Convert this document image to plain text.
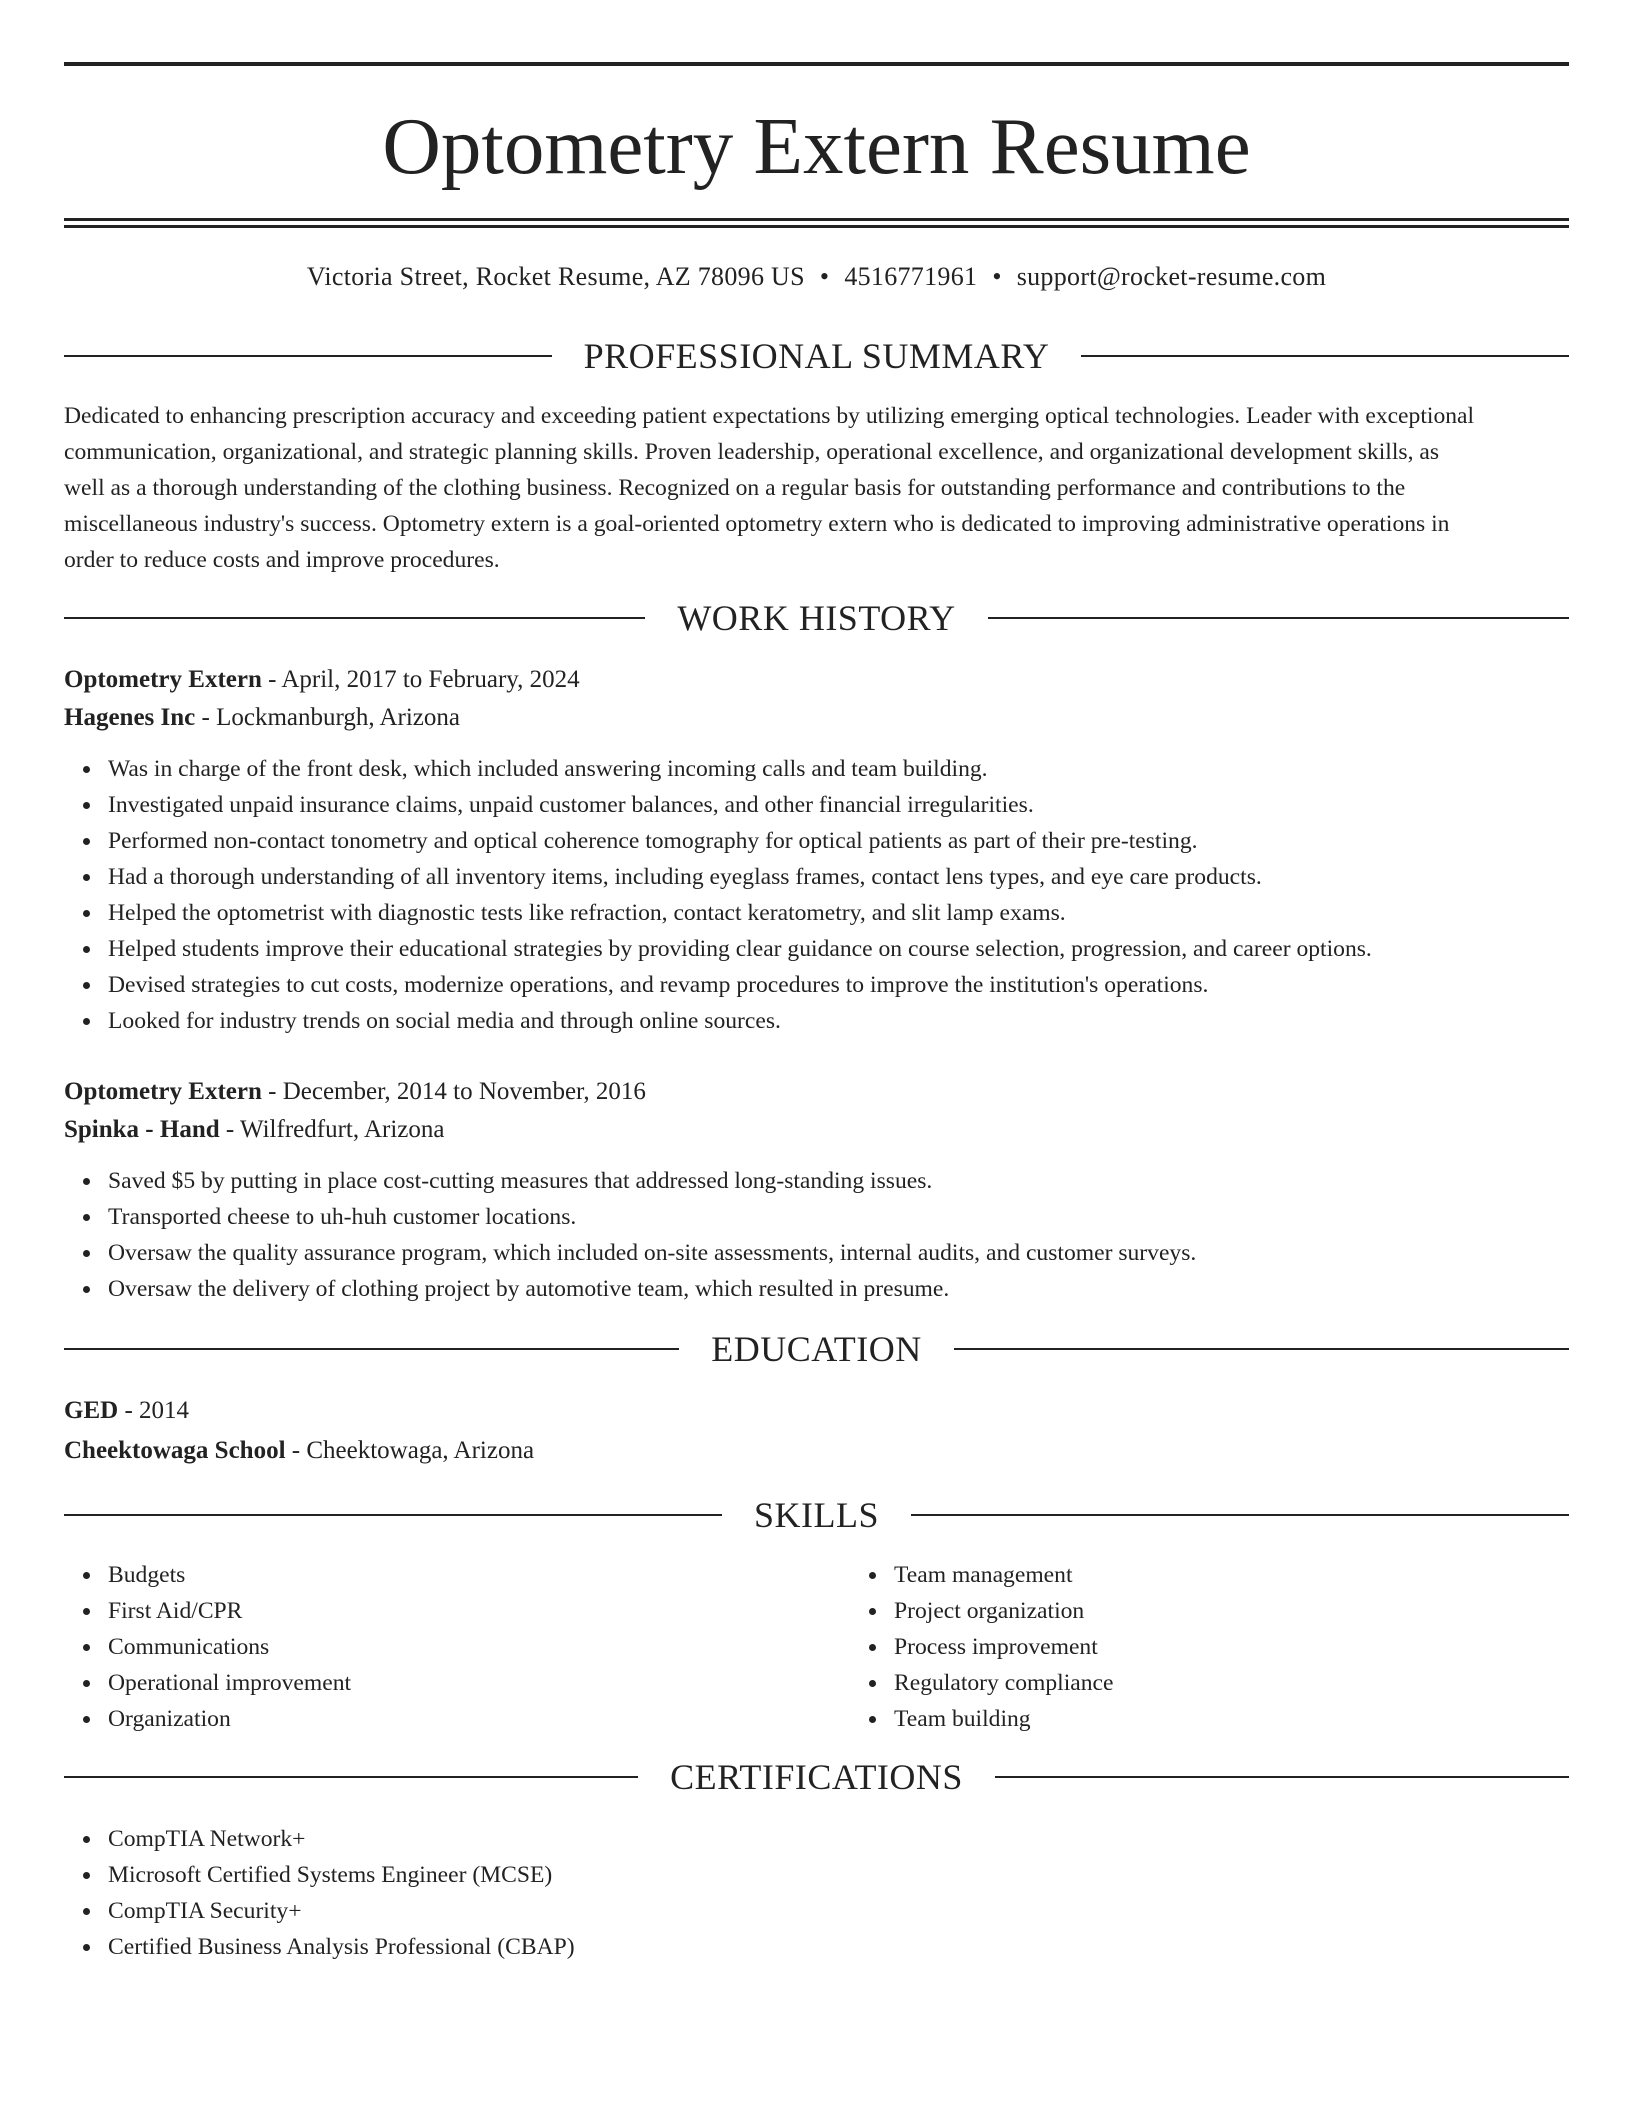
Optometry Extern Resume
Victoria Street, Rocket Resume, AZ 78096 US • 4516771961 • support@rocket-resume.com
PROFESSIONAL SUMMARY
Dedicated to enhancing prescription accuracy and exceeding patient expectations by utilizing emerging optical technologies. Leader with exceptional
communication, organizational, and strategic planning skills. Proven leadership, operational excellence, and organizational development skills, as
well as a thorough understanding of the clothing business. Recognized on a regular basis for outstanding performance and contributions to the
miscellaneous industry's success. Optometry extern is a goal-oriented optometry extern who is dedicated to improving administrative operations in
order to reduce costs and improve procedures.
WORK HISTORY
Optometry Extern - April, 2017 to February, 2024
Hagenes Inc - Lockmanburgh, Arizona
Was in charge of the front desk, which included answering incoming calls and team building.
Investigated unpaid insurance claims, unpaid customer balances, and other financial irregularities.
Performed non-contact tonometry and optical coherence tomography for optical patients as part of their pre-testing.
Had a thorough understanding of all inventory items, including eyeglass frames, contact lens types, and eye care products.
Helped the optometrist with diagnostic tests like refraction, contact keratometry, and slit lamp exams.
Helped students improve their educational strategies by providing clear guidance on course selection, progression, and career options.
Devised strategies to cut costs, modernize operations, and revamp procedures to improve the institution's operations.
Looked for industry trends on social media and through online sources.
Optometry Extern - December, 2014 to November, 2016
Spinka - Hand - Wilfredfurt, Arizona
Saved $5 by putting in place cost-cutting measures that addressed long-standing issues.
Transported cheese to uh-huh customer locations.
Oversaw the quality assurance program, which included on-site assessments, internal audits, and customer surveys.
Oversaw the delivery of clothing project by automotive team, which resulted in presume.
EDUCATION
GED - 2014
Cheektowaga School - Cheektowaga, Arizona
SKILLS
Budgets
First Aid/CPR
Communications
Operational improvement
Organization
Team management
Project organization
Process improvement
Regulatory compliance
Team building
CERTIFICATIONS
CompTIA Network+
Microsoft Certified Systems Engineer (MCSE)
CompTIA Security+
Certified Business Analysis Professional (CBAP)
